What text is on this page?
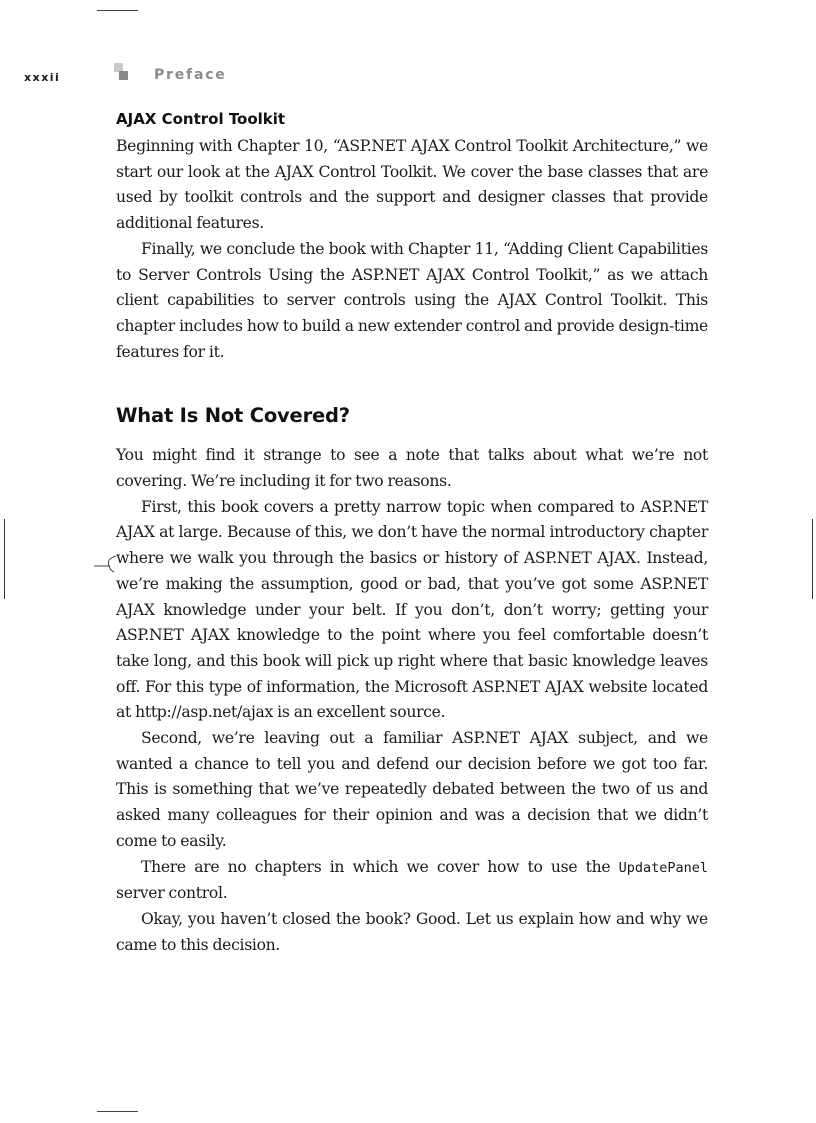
xxxii	Preface
AJAX Control Toolkit

Beginning with Chapter 10, “ASP.NET AJAX Control Toolkit Architecture,” we start our look at the AJAX Control Toolkit. We cover the base classes that are used by toolkit controls and the support and designer classes that provide additional features.

Finally, we conclude the book with Chapter 11, “Adding Client Capabilities to Server Controls Using the ASP.NET AJAX Control Toolkit,” as we attach client capabilities to server controls using the AJAX Control Toolkit. This chapter includes how to build a new extender control and provide design-time features for it.

What Is Not Covered?

You might find it strange to see a note that talks about what we’re not covering. We’re including it for two reasons.

First, this book covers a pretty narrow topic when compared to ASP.NET AJAX at large. Because of this, we don’t have the normal introductory chapter where we walk you through the basics or history of ASP.NET AJAX. Instead, we’re making the assumption, good or bad, that you’ve got some ASP.NET AJAX knowledge under your belt. If you don’t, don’t worry; getting your ASP.NET AJAX knowledge to the point where you feel comfortable doesn’t take long, and this book will pick up right where that basic knowledge leaves off. For this type of information, the Microsoft ASP.NET AJAX website located at http://asp.net/ajax is an excellent source.

Second, we’re leaving out a familiar ASP.NET AJAX subject, and we wanted a chance to tell you and defend our decision before we got too far. This is something that we’ve repeatedly debated between the two of us and asked many colleagues for their opinion and was a decision that we didn’t come to easily.

There are no chapters in which we cover how to use the UpdatePanel server control.

Okay, you haven’t closed the book? Good. Let us explain how and why we came to this decision.
